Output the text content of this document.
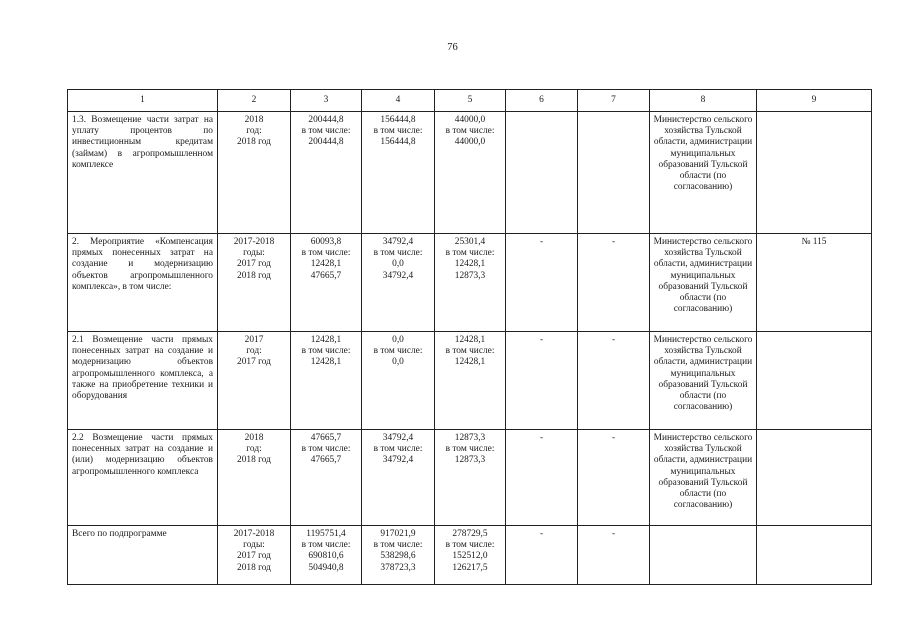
76
1	2	3	4	5	6	7	8	9
1.3. Возмещение части затрат на уплату процентов по инвестиционным кредитам (займам) в агропромышленном комплексе	2018
год:
2018 год	200444,8
в том числе:
200444,8	156444,8
в том числе:
156444,8	44000,0
в том числе:
44000,0			Министерство сельского хозяйства Тульской области, администрации муниципальных образований Тульской области (по согласованию)	
2. Мероприятие «Компенсация прямых понесенных затрат на создание и модернизацию объектов агропромышленного комплекса», в том числе:	2017-2018
годы:
2017 год
2018 год	60093,8
в том числе:
12428,1
47665,7	34792,4
в том числе:
0,0
34792,4	25301,4
в том числе:
12428,1
12873,3	-	-	Министерство сельского хозяйства Тульской области, администрации муниципальных образований Тульской области (по согласованию)	№ 115
2.1 Возмещение части прямых понесенных затрат на создание и модернизацию объектов агропромышленного комплекса, а также на приобретение техники и оборудования	2017
год:
2017 год	12428,1
в том числе:
12428,1	0,0
в том числе:
0,0	12428,1
в том числе:
12428,1	-	-	Министерство сельского хозяйства Тульской области, администрации муниципальных образований Тульской области (по согласованию)	
2.2 Возмещение части прямых понесенных затрат на создание и (или) модернизацию объектов агропромышленного комплекса	2018
год:
2018 год	47665,7
в том числе:
47665,7	34792,4
в том числе:
34792,4	12873,3
в том числе:
12873,3	-	-	Министерство сельского хозяйства Тульской области, администрации муниципальных образований Тульской области (по согласованию)	
Всего по подпрограмме	2017-2018
годы:
2017 год
2018 год	1195751,4
в том числе:
690810,6
504940,8	917021,9
в том числе:
538298,6
378723,3	278729,5
в том числе:
152512,0
126217,5	-	-		
